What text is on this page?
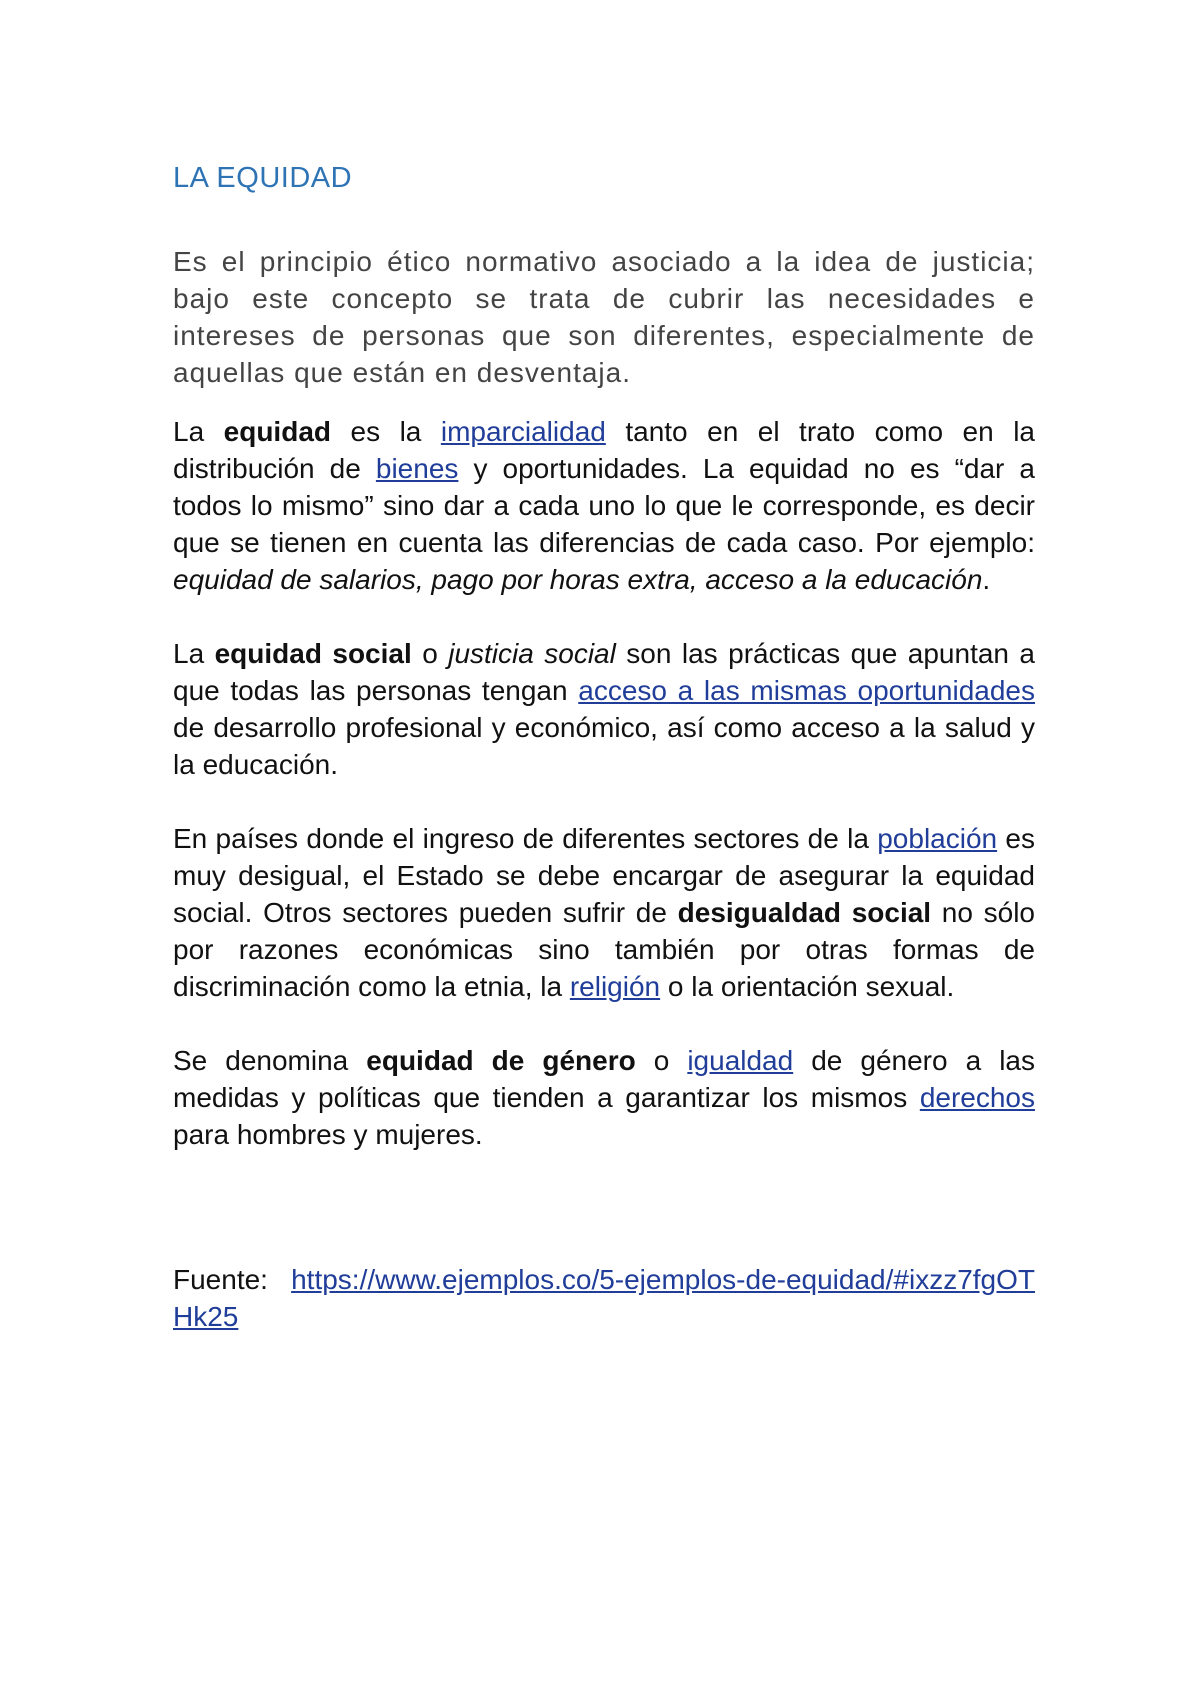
LA EQUIDAD

Es el principio ético normativo asociado a la idea de justicia; bajo este concepto se trata de cubrir las necesidades e intereses de personas que son diferentes, especialmente de aquellas que están en desventaja.

La equidad es la imparcialidad tanto en el trato como en la distribución de bienes y oportunidades. La equidad no es “dar a todos lo mismo” sino dar a cada uno lo que le corresponde, es decir que se tienen en cuenta las diferencias de cada caso. Por ejemplo: equidad de salarios, pago por horas extra, acceso a la educación.

La equidad social o justicia social son las prácticas que apuntan a que todas las personas tengan acceso a las mismas oportunidades de desarrollo profesional y económico, así como acceso a la salud y la educación.

En países donde el ingreso de diferentes sectores de la población es muy desigual, el Estado se debe encargar de asegurar la equidad social. Otros sectores pueden sufrir de desigualdad social no sólo por razones económicas sino también por otras formas de discriminación como la etnia, la religión o la orientación sexual.

Se denomina equidad de género o igualdad de género a las medidas y políticas que tienden a garantizar los mismos derechos para hombres y mujeres.

Fuente: https://www.ejemplos.co/5-ejemplos-de-equidad/#ixzz7fgOTHk25
